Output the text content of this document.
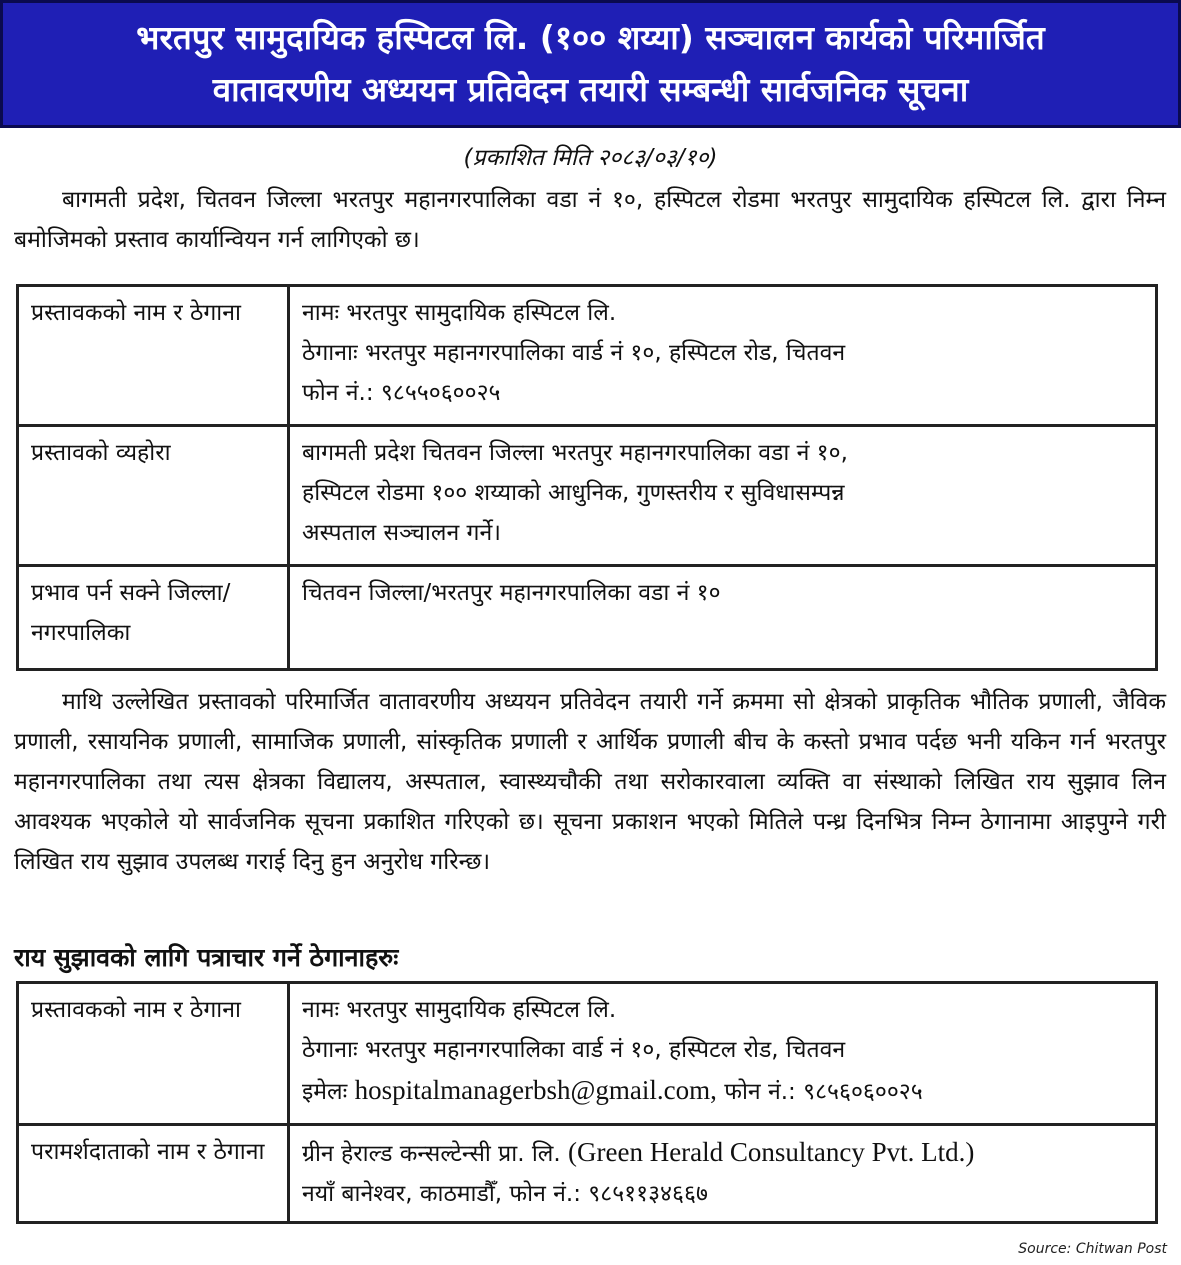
भरतपुर सामुदायिक हस्पिटल लि. (१०० शय्या) सञ्चालन कार्यको परिमार्जित
वातावरणीय अध्ययन प्रतिवेदन तयारी सम्बन्धी सार्वजनिक सूचना
(प्रकाशित मिति २०८३/०३/१०)

बागमती प्रदेश, चितवन जिल्ला भरतपुर महानगरपालिका वडा नं १०, हस्पिटल रोडमा भरतपुर सामुदायिक हस्पिटल लि. द्वारा निम्न बमोजिमको प्रस्ताव कार्यान्वियन गर्न लागिएको छ।

प्रस्तावकको नाम र ठेगाना	नामः भरतपुर सामुदायिक हस्पिटल लि.
ठेगानाः भरतपुर महानगरपालिका वार्ड नं १०, हस्पिटल रोड, चितवन
फोन नं.: ९८५५०६००२५

प्रस्तावको व्यहोरा	बागमती प्रदेश चितवन जिल्ला भरतपुर महानगरपालिका वडा नं १०,
हस्पिटल रोडमा १०० शय्याको आधुनिक, गुणस्तरीय र सुविधासम्पन्न
अस्पताल सञ्चालन गर्ने।

प्रभाव पर्न सक्ने जिल्ला/नगरपालिका	चितवन जिल्ला/भरतपुर महानगरपालिका वडा नं १०

माथि उल्लेखित प्रस्तावको परिमार्जित वातावरणीय अध्ययन प्रतिवेदन तयारी गर्ने क्रममा सो क्षेत्रको प्राकृतिक भौतिक प्रणाली, जैविक प्रणाली, रसायनिक प्रणाली, सामाजिक प्रणाली, सांस्कृतिक प्रणाली र आर्थिक प्रणाली बीच के कस्तो प्रभाव पर्दछ भनी यकिन गर्न भरतपुर महानगरपालिका तथा त्यस क्षेत्रका विद्यालय, अस्पताल, स्वास्थ्यचौकी तथा सरोकारवाला व्यक्ति वा संस्थाको लिखित राय सुझाव लिन आवश्यक भएकोले यो सार्वजनिक सूचना प्रकाशित गरिएको छ। सूचना प्रकाशन भएको मितिले पन्ध्र दिनभित्र निम्न ठेगानामा आइपुग्ने गरी लिखित राय सुझाव उपलब्ध गराई दिनु हुन अनुरोध गरिन्छ।

राय सुझावको लागि पत्राचार गर्ने ठेगानाहरुः
प्रस्तावकको नाम र ठेगाना	नामः भरतपुर सामुदायिक हस्पिटल लि.
ठेगानाः भरतपुर महानगरपालिका वार्ड नं १०, हस्पिटल रोड, चितवन
इमेलः hospitalmanagerbsh@gmail.com, फोन नं.: ९८५६०६००२५

परामर्शदाताको नाम र ठेगाना	ग्रीन हेराल्ड कन्सल्टेन्सी प्रा. लि. (Green Herald Consultancy Pvt. Ltd.)
नयाँ बानेश्वर, काठमाडौँ, फोन नं.: ९८५११३४६६७
Source: Chitwan Post
